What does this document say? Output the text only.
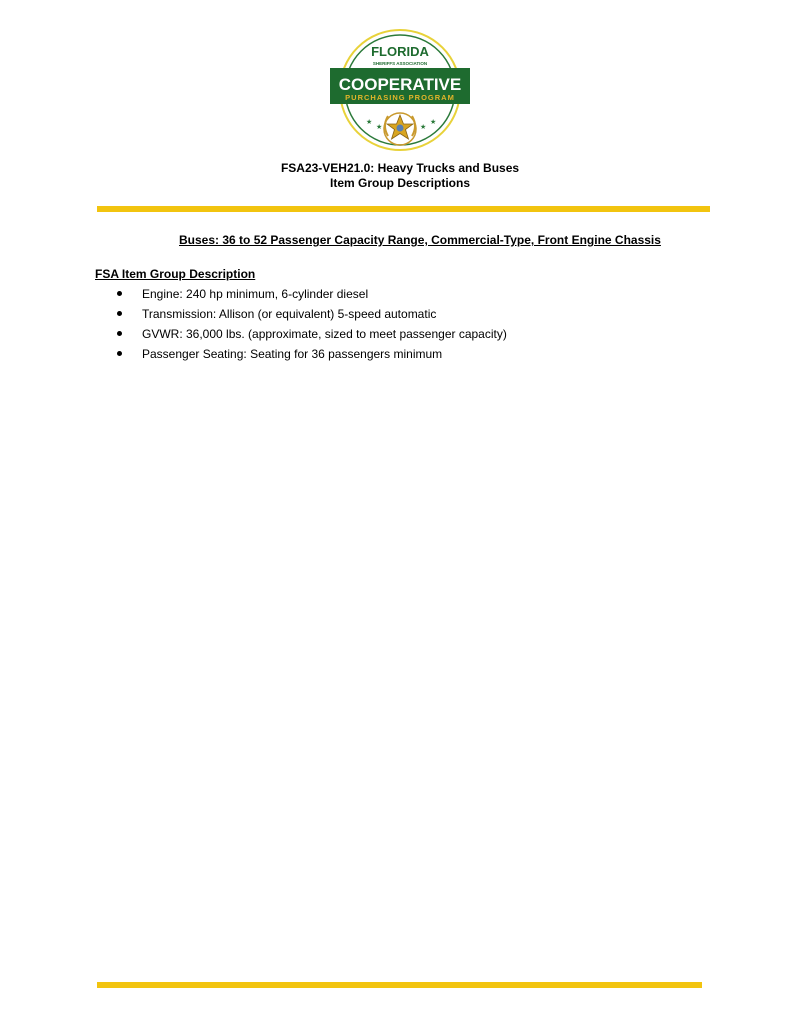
FLORIDA
SHERIFFS ASSOCIATION
COOPERATIVE
PURCHASING PROGRAM
★
★	★
★
FSA23-VEH21.0: Heavy Trucks and Buses
Item Group Descriptions
Buses: 36 to 52 Passenger Capacity Range, Commercial-Type, Front Engine Chassis
FSA Item Group Description
Engine: 240 hp minimum, 6-cylinder diesel
Transmission: Allison (or equivalent) 5-speed automatic
GVWR: 36,000 lbs. (approximate, sized to meet passenger capacity)
Passenger Seating: Seating for 36 passengers minimum
